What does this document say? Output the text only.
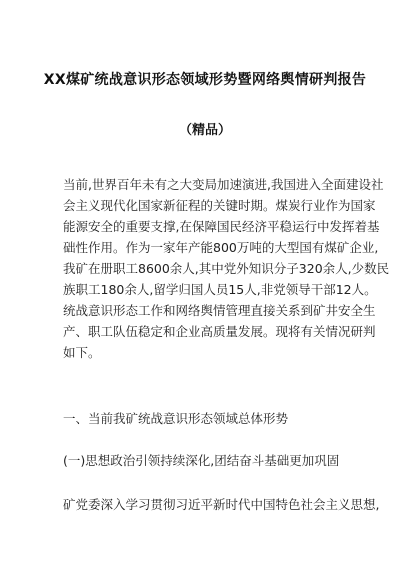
XX煤矿统战意识形态领域形势暨网络舆情研判报告
（精品）
当前,世界百年未有之大变局加速演进,我国进入全面建设社
会主义现代化国家新征程的关键时期。煤炭行业作为国家
能源安全的重要支撑,在保障国民经济平稳运行中发挥着基
础性作用。作为一家年产能800万吨的大型国有煤矿企业,
我矿在册职工8600余人,其中党外知识分子320余人,少数民
族职工180余人,留学归国人员15人,非党领导干部12人。
统战意识形态工作和网络舆情管理直接关系到矿井安全生
产、职工队伍稳定和企业高质量发展。现将有关情况研判
如下。
一、当前我矿统战意识形态领域总体形势
(一)思想政治引领持续深化,团结奋斗基础更加巩固
矿党委深入学习贯彻习近平新时代中国特色社会主义思想,
